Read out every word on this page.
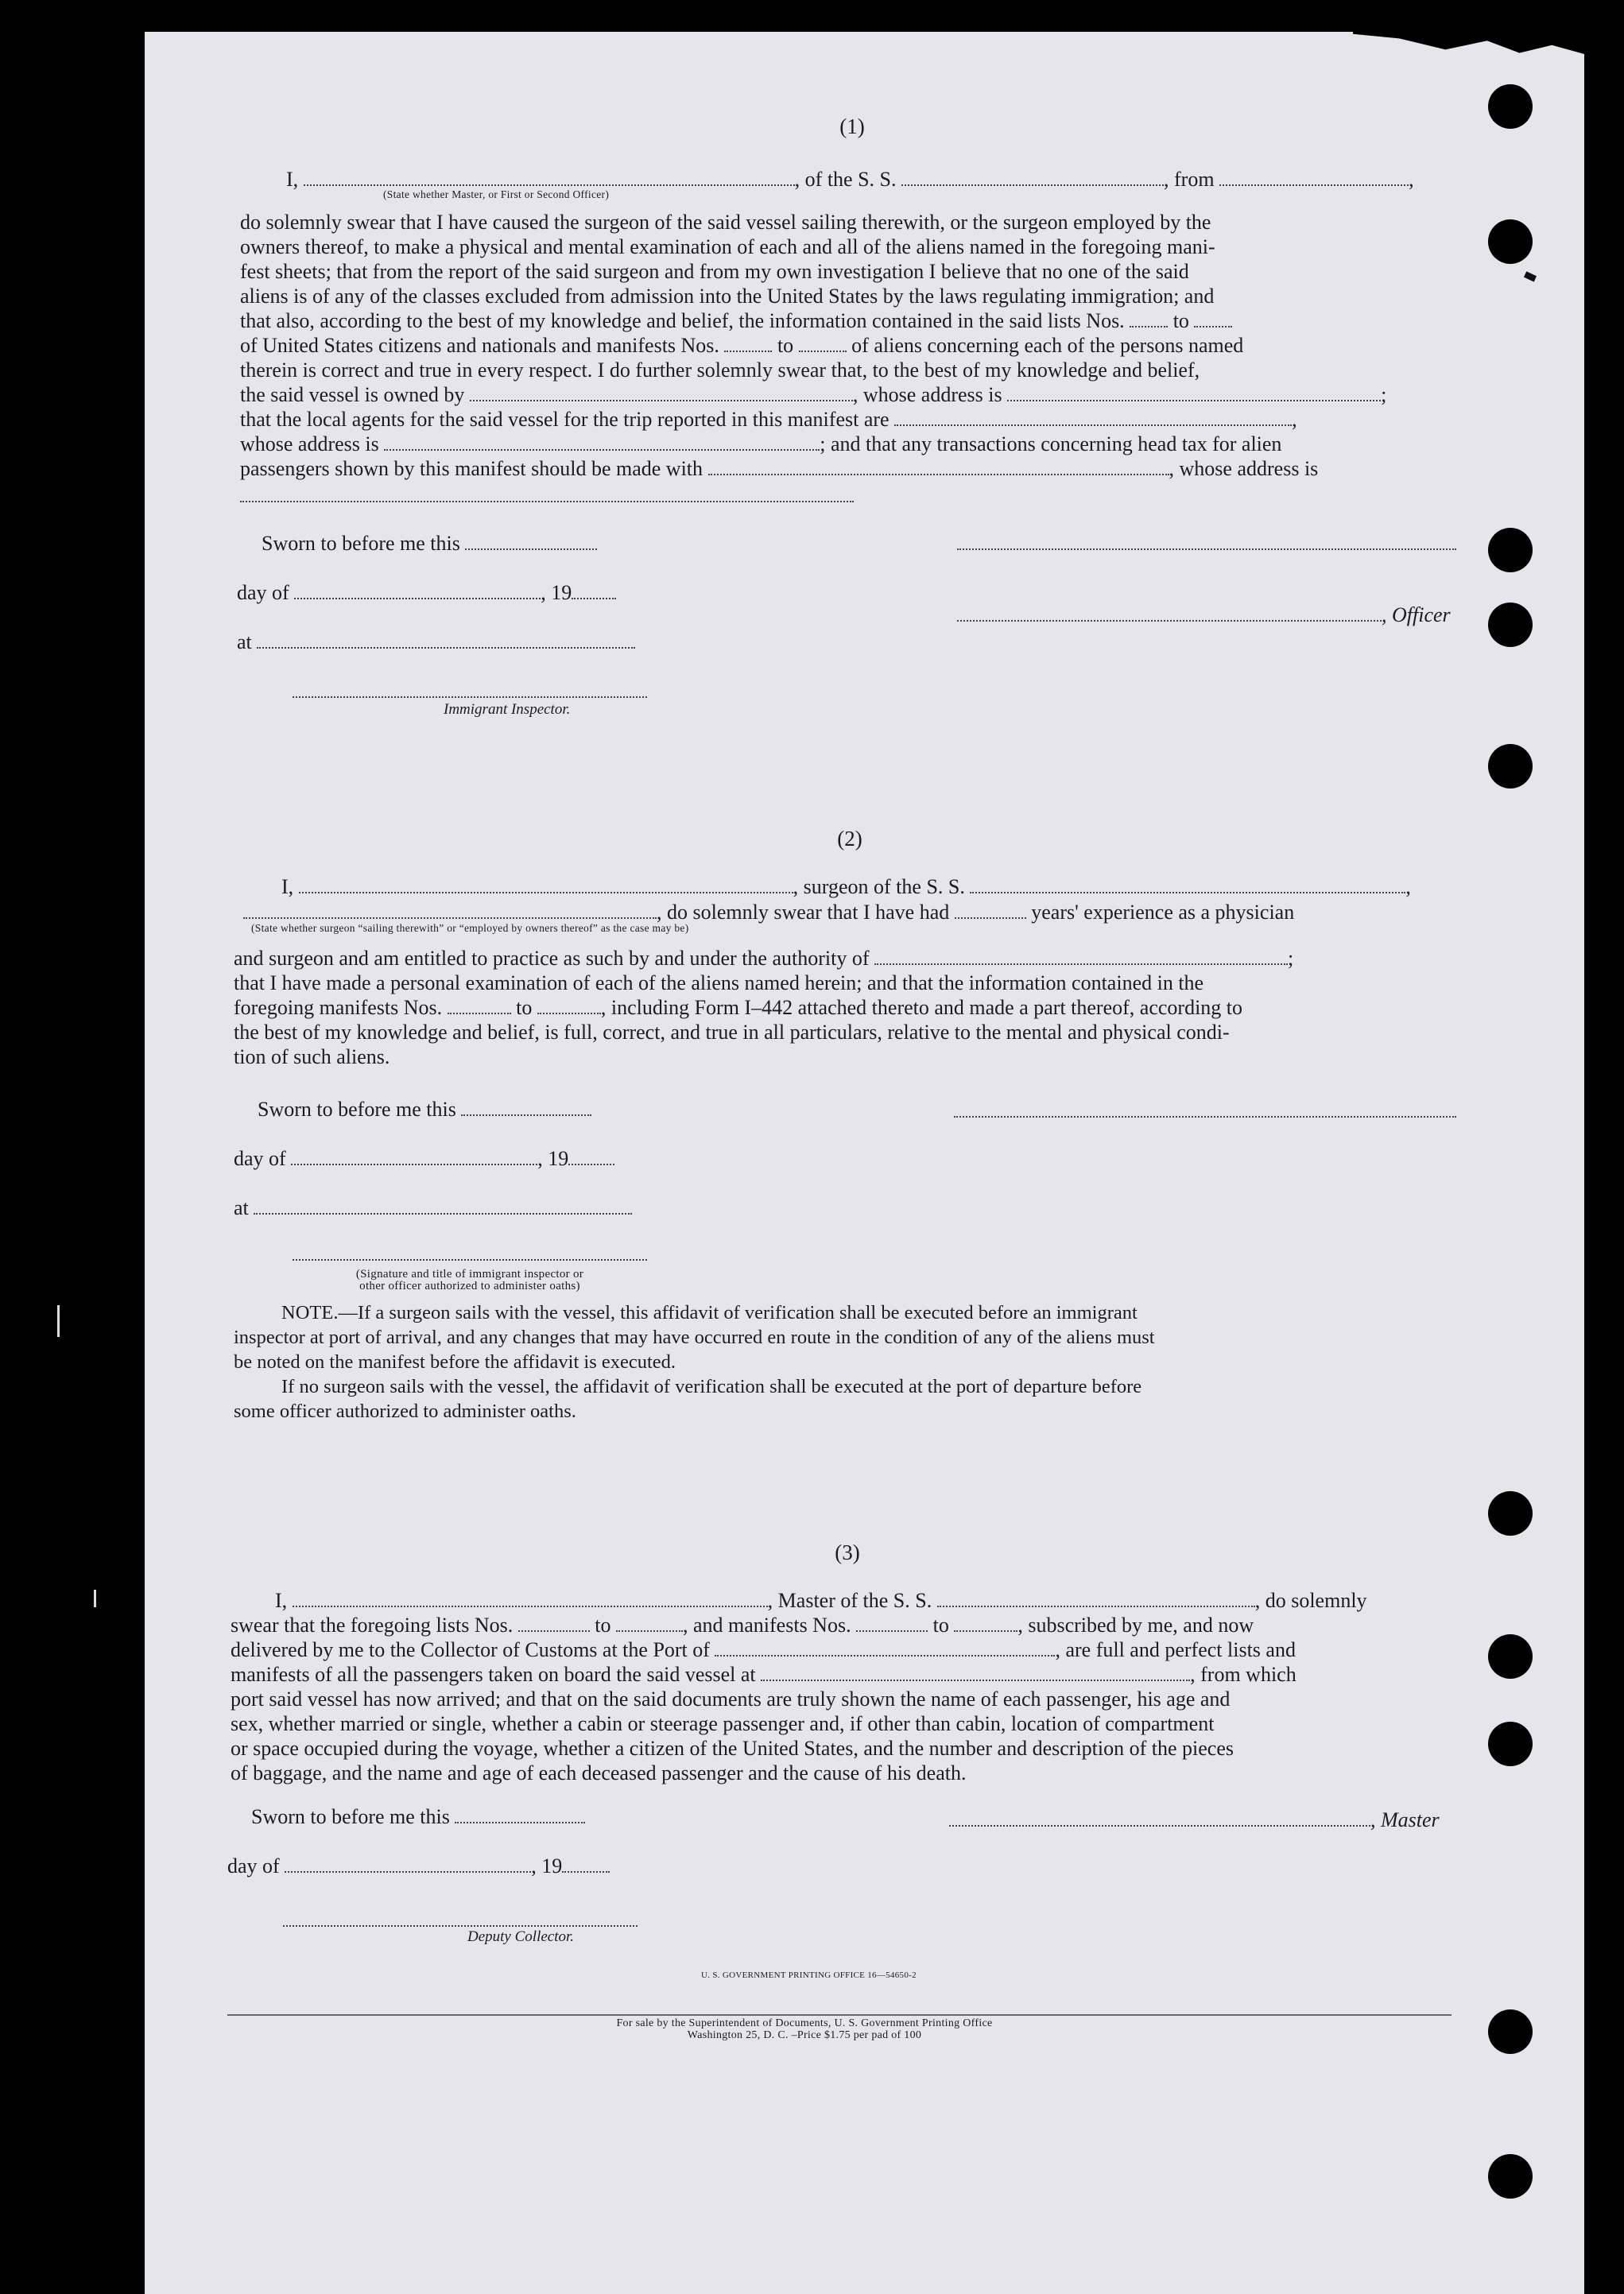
(1)
I,	, of the S. S.	, from	,
(State whether Master, or First or Second Officer)
do solemnly swear that I have caused the surgeon of the said vessel sailing therewith, or the surgeon employed by the
owners thereof, to make a physical and mental examination of each and all of the aliens named in the foregoing mani-
fest sheets; that from the report of the said surgeon and from my own investigation I believe that no one of the said
aliens is of any of the classes excluded from admission into the United States by the laws regulating immigration; and
that also, according to the best of my knowledge and belief, the information contained in the said lists Nos. to
of United States citizens and nationals and manifests Nos.	to	of aliens concerning each of the persons named
therein is correct and true in every respect. I do further solemnly swear that, to the best of my knowledge and belief,
the said vessel is owned by	, whose address is	;
that the local agents for the said vessel for the trip reported in this manifest are	,
whose address is	; and that any transactions concerning head tax for alien
passengers shown by this manifest should be made with	, whose address is
Sworn to before me this
day of	, 19
, Officer
at
Immigrant Inspector.
(2)
I,	, surgeon of the S. S.	,
, do solemnly swear that I have had	years' experience as a physician
(State whether surgeon “sailing therewith” or “employed by owners thereof” as the case may be)
and surgeon and am entitled to practice as such by and under the authority of	;
that I have made a personal examination of each of the aliens named herein; and that the information contained in the
foregoing manifests Nos.	to	, including Form I–442 attached thereto and made a part thereof, according to
the best of my knowledge and belief, is full, correct, and true in all particulars, relative to the mental and physical condi-
tion of such aliens.
Sworn to before me this
day of	, 19
at
(Signature and title of immigrant inspector or
other officer authorized to administer oaths)
NOTE.—If a surgeon sails with the vessel, this affidavit of verification shall be executed before an immigrant
inspector at port of arrival, and any changes that may have occurred en route in the condition of any of the aliens must
be noted on the manifest before the affidavit is executed.
If no surgeon sails with the vessel, the affidavit of verification shall be executed at the port of departure before
some officer authorized to administer oaths.
(3)
I,	, Master of the S. S.	, do solemnly
swear that the foregoing lists Nos.	to	, and manifests Nos.	to	, subscribed by me, and now
delivered by me to the Collector of Customs at the Port of	, are full and perfect lists and
manifests of all the passengers taken on board the said vessel at	, from which
port said vessel has now arrived; and that on the said documents are truly shown the name of each passenger, his age and
sex, whether married or single, whether a cabin or steerage passenger and, if other than cabin, location of compartment
or space occupied during the voyage, whether a citizen of the United States, and the number and description of the pieces
of baggage, and the name and age of each deceased passenger and the cause of his death.
Sworn to before me this	, Master
day of	, 19
Deputy Collector.
U. S. GOVERNMENT PRINTING OFFICE 16—54650-2
For sale by the Superintendent of Documents, U. S. Government Printing Office
Washington 25, D. C. –Price $1.75 per pad of 100
